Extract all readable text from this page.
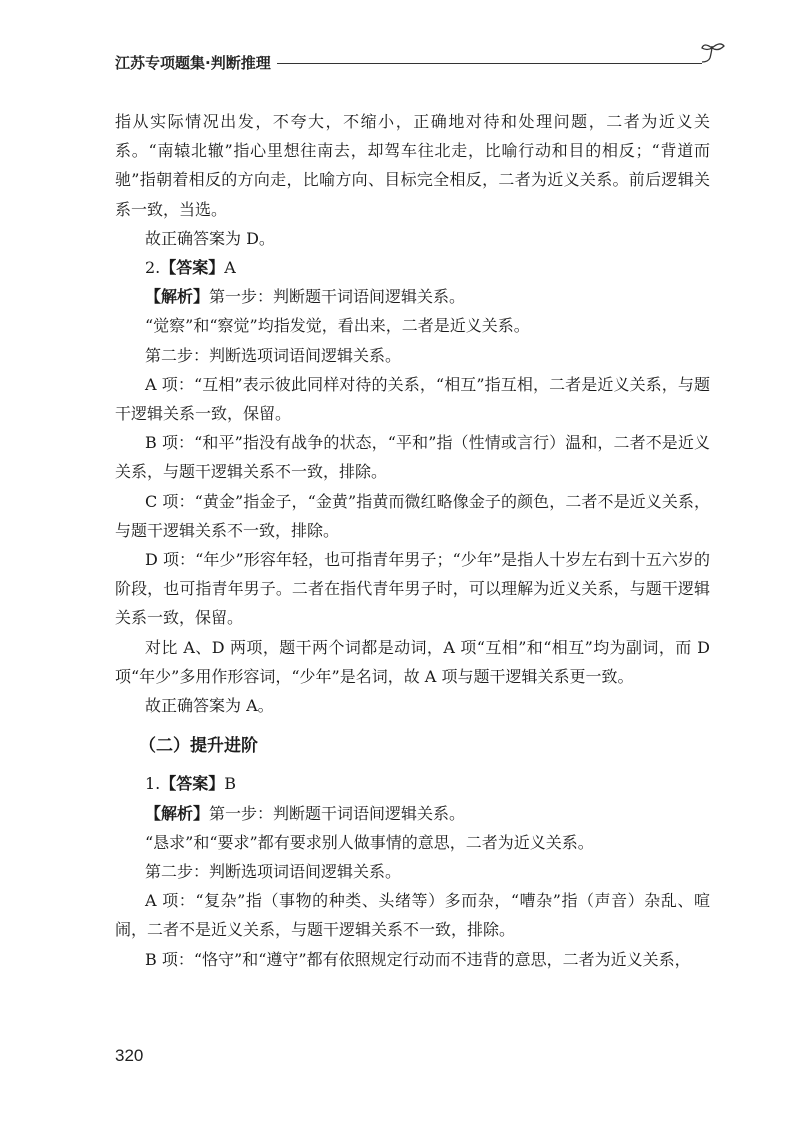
江苏专项题集·判断推理

指从实际情况出发，不夸大，不缩小，正确地对待和处理问题，二者为近义关系。“南辕北辙”指心里想往南去，却驾车往北走，比喻行动和目的相反；“背道而驰”指朝着相反的方向走，比喻方向、目标完全相反，二者为近义关系。前后逻辑关系一致，当选。

故正确答案为 D。

2.【答案】A

【解析】第一步：判断题干词语间逻辑关系。

“觉察”和“察觉”均指发觉，看出来，二者是近义关系。

第二步：判断选项词语间逻辑关系。

A 项：“互相”表示彼此同样对待的关系，“相互”指互相，二者是近义关系，与题干逻辑关系一致，保留。

B 项：“和平”指没有战争的状态，“平和”指（性情或言行）温和，二者不是近义关系，与题干逻辑关系不一致，排除。

C 项：“黄金”指金子，“金黄”指黄而微红略像金子的颜色，二者不是近义关系，与题干逻辑关系不一致，排除。

D 项：“年少”形容年轻，也可指青年男子；“少年”是指人十岁左右到十五六岁的阶段，也可指青年男子。二者在指代青年男子时，可以理解为近义关系，与题干逻辑关系一致，保留。

对比 A、D 两项，题干两个词都是动词，A 项“互相”和“相互”均为副词，而 D 项“年少”多用作形容词，“少年”是名词，故 A 项与题干逻辑关系更一致。

故正确答案为 A。

（二）提升进阶

1.【答案】B

【解析】第一步：判断题干词语间逻辑关系。

“恳求”和“要求”都有要求别人做事情的意思，二者为近义关系。

第二步：判断选项词语间逻辑关系。

A 项：“复杂”指（事物的种类、头绪等）多而杂，“嘈杂”指（声音）杂乱、喧闹，二者不是近义关系，与题干逻辑关系不一致，排除。

B 项：“恪守”和“遵守”都有依照规定行动而不违背的意思，二者为近义关系，

320
